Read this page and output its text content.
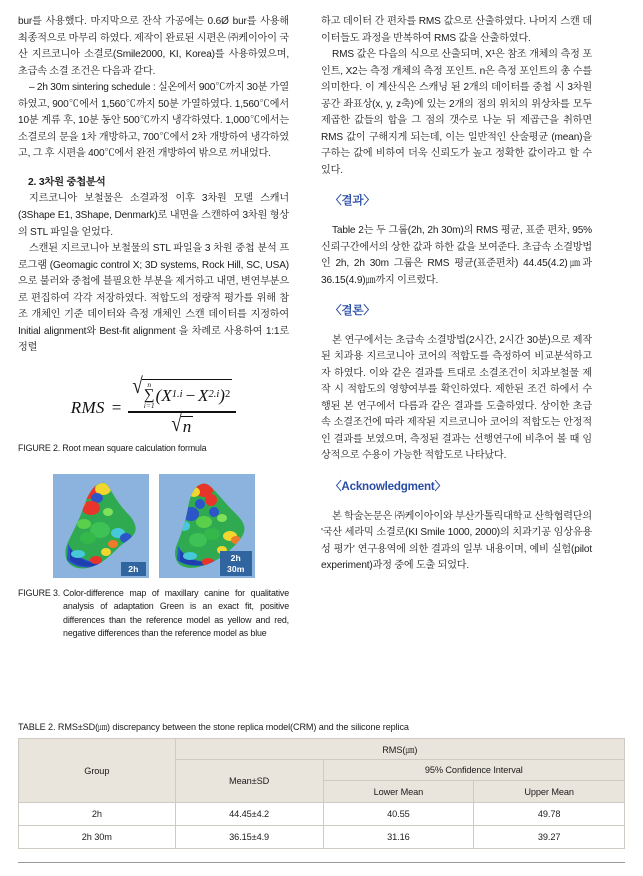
bur를 사용했다. 마지막으로 잔삭 가공에는 0.6Ø bur를 사용해 최종적으로 마무리 하였다. 제작이 완료된 시편은 ㈜케이아이 국산 지르코니아 소결로(Smile2000, KI, Korea)를 사용하였으며, 초급속 소결 조건은 다음과 같다.

– 2h 30m sintering schedule : 실온에서 900℃까지 30분 가열하였고, 900℃에서 1,560℃까지 50분 가열하였다. 1,560℃에서 10분 계류 후, 10분 동안 500℃까지 냉각하였다. 1,000℃에서는 소결로의 문을 1차 개방하고, 700℃에서 2차 개방하여 냉각하였고, 그 후 시편을 400℃에서 완전 개방하여 밖으로 꺼내었다.

2. 3차원 중첩분석

지르코니아 보철물은 소결과정 이후 3차원 모델 스캐너(3Shape E1, 3Shape, Denmark)로 내면을 스캔하여 3차원 형상의 STL 파일을 얻었다.

스캔된 지르코니아 보철물의 STL 파일을 3 차원 중첩 분석 프로그램 (Geomagic control X; 3D systems, Rock Hill, SC, USA)으로 불러와 중첩에 블필요한 부분을 제거하고 내면, 변연부분으로 편집하여 각각 저장하였다. 적합도의 정량적 평가를 위해 참조 개체인 기준 데이터와 측정 개체인 스캔 데이터를 지정하여 Initial alignment와 Best-fit alignment 을 차례로 사용하여 1:1로 정렬

RMS =
√ n
∑
i=1
( X 1.i − X 2.i ) 2
√ n

FIGURE 2. Root mean square calculation formula

2h
2h
30m
FIGURE 3. Color-difference map of maxillary canine for qualitative analysis of adaptation Green is an exact fit, positive differences than the reference model as yellow and red, negative differences than the reference model as blue

하고 데이터 간 편차를 RMS 값으로 산출하였다. 나머지 스캔 데이터들도 과정을 반복하여 RMS 값을 산출하였다.

RMS 값은 다음의 식으로 산출되며, X¹은 참조 개체의 측정 포인트, X2는 측정 개체의 측정 포인트. n은 측정 포인트의 총 수를 의미한다. 이 계산식은 스캐닝 된 2개의 데이터를 중첩 시 3차원 공간 좌표상(x, y, z축)에 있는 2개의 점의 위치의 위상차를 모두 제곱한 값들의 합을 그 점의 갯수로 나눈 뒤 제곱근을 취하면 RMS 값이 구해지게 되는데, 이는 일반적인 산술평균 (mean)을 구하는 값에 비하여 더욱 신뢰도가 높고 정확한 값이라고 할 수 있다.

〈결과〉

Table 2는 두 그룹(2h, 2h 30m)의 RMS 평균, 표준 편차, 95% 신뢰구간에서의 상한 값과 하한 값을 보여준다. 초급속 소결방법인 2h, 2h 30m 그룹은 RMS 평균(표준편차) 44.45(4.2)㎛과 36.15(4.9)㎛까지 이르렀다.

〈결론〉

본 연구에서는 초급속 소결방법(2시간, 2시간 30분)으로 제작된 치과용 지르코니아 코어의 적합도를 측정하여 비교분석하고자 하였다. 이와 같은 결과를 트대로 소결조건이 치과보철물 제작 시 적합도의 영향여부를 확인하였다. 제한된 조건 하에서 수행된 본 연구에서 다름과 같은 결과를 도출하였다. 상이한 초급속 소결조건에 따라 제작된 지르코니아 코어의 적합도는 안정적인 결과를 보였으며, 측정된 결과는 선행연구에 비추어 볼 때 임상적으로 수용이 가능한 적합도로 나타났다.

〈Acknowledgment〉

본 학술논문은 ㈜케이아이와 부산가톨릭대학교 산학협력단의 '국산 세라믹 소결로(KI Smile 1000, 2000)의 치과기공 임상유용성 평가' 연구용역에 의한 결과의 일부 내용이며, 예비 실험(pilot experiment)과정 중에 도출 되었다.

TABLE 2. RMS±SD(㎛) discrepancy between the stone replica model(CRM) and the silicone replica
Group	RMS(㎛)		
	Mean±SD	95% Confidence Interval	
		Lower Mean	Upper Mean
2h	44.45±4.2	40.55	49.78
2h 30m	36.15±4.9	31.16	39.27
